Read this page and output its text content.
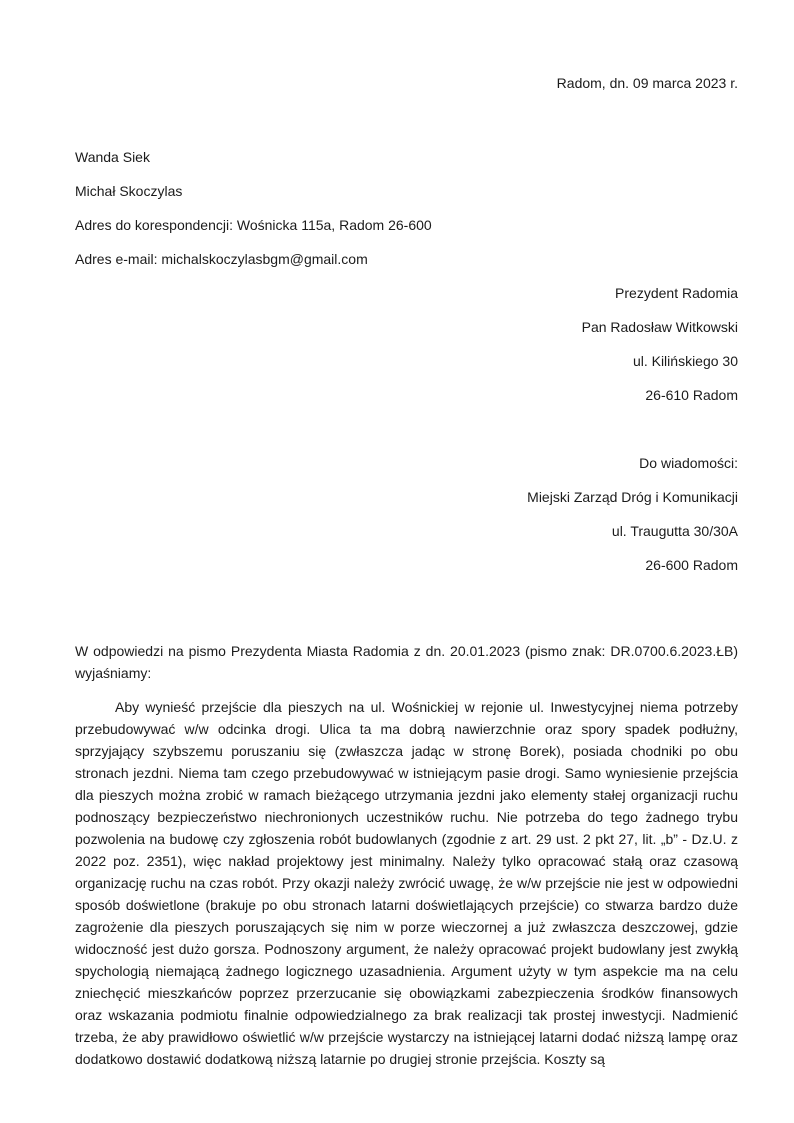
Radom, dn. 09 marca 2023 r.
Wanda Siek
Michał Skoczylas
Adres do korespondencji: Wośnicka 115a, Radom 26-600
Adres e-mail: michalskoczylasbgm@gmail.com
Prezydent Radomia
Pan Radosław Witkowski
ul. Kilińskiego 30
26-610 Radom
Do wiadomości:
Miejski Zarząd Dróg i Komunikacji
ul. Traugutta 30/30A
26-600 Radom
W odpowiedzi na pismo Prezydenta Miasta Radomia z dn. 20.01.2023 (pismo znak: DR.0700.6.2023.ŁB) wyjaśniamy:
Aby wynieść przejście dla pieszych na ul. Wośnickiej w rejonie ul. Inwestycyjnej niema potrzeby przebudowywać w/w odcinka drogi. Ulica ta ma dobrą nawierzchnie oraz spory spadek podłużny, sprzyjający szybszemu poruszaniu się (zwłaszcza jadąc w stronę Borek), posiada chodniki po obu stronach jezdni. Niema tam czego przebudowywać w istniejącym pasie drogi. Samo wyniesienie przejścia dla pieszych można zrobić w ramach bieżącego utrzymania jezdni jako elementy stałej organizacji ruchu podnoszący bezpieczeństwo niechronionych uczestników ruchu. Nie potrzeba do tego żadnego trybu pozwolenia na budowę czy zgłoszenia robót budowlanych (zgodnie z art. 29 ust. 2 pkt 27, lit. „b” - Dz.U. z 2022 poz. 2351), więc nakład projektowy jest minimalny. Należy tylko opracować stałą oraz czasową organizację ruchu na czas robót. Przy okazji należy zwrócić uwagę, że w/w przejście nie jest w odpowiedni sposób doświetlone (brakuje po obu stronach latarni doświetlających przejście) co stwarza bardzo duże zagrożenie dla pieszych poruszających się nim w porze wieczornej a już zwłaszcza deszczowej, gdzie widoczność jest dużo gorsza. Podnoszony argument, że należy opracować projekt budowlany jest zwykłą spychologią niemającą żadnego logicznego uzasadnienia. Argument użyty w tym aspekcie ma na celu zniechęcić mieszkańców poprzez przerzucanie się obowiązkami zabezpieczenia środków finansowych oraz wskazania podmiotu finalnie odpowiedzialnego za brak realizacji tak prostej inwestycji. Nadmienić trzeba, że aby prawidłowo oświetlić w/w przejście wystarczy na istniejącej latarni dodać niższą lampę oraz dodatkowo dostawić dodatkową niższą latarnie po drugiej stronie przejścia. Koszty są
